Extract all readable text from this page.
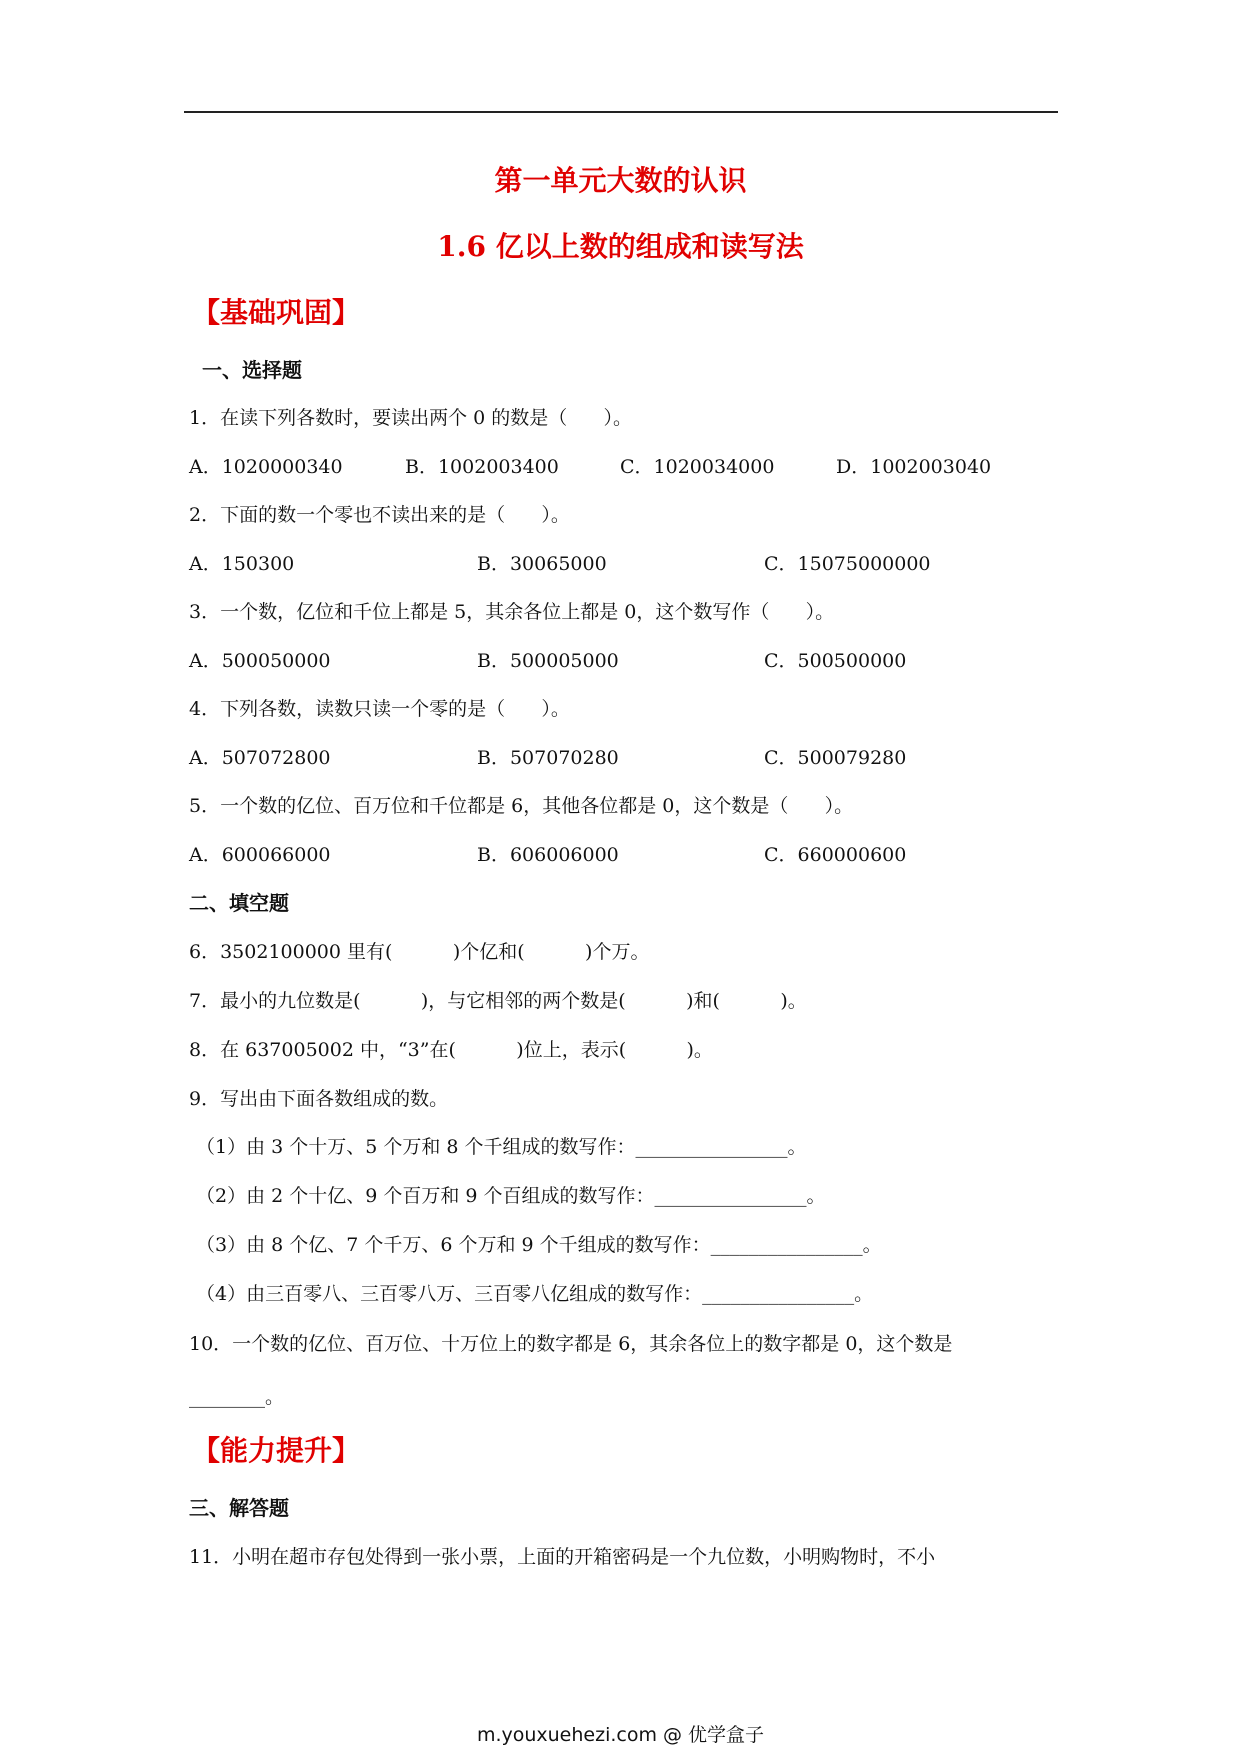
第一单元大数的认识
1.6 亿以上数的组成和读写法
【基础巩固】
一、选择题
1．在读下列各数时，要读出两个 0 的数是（      ）。
A．1020000340	B．1002003400	C．1020034000	D．1002003040
2．下面的数一个零也不读出来的是（      ）。
A．150300	B．30065000	C．15075000000
3．一个数，亿位和千位上都是 5，其余各位上都是 0，这个数写作（      ）。
A．500050000	B．500005000	C．500500000
4．下列各数，读数只读一个零的是（      ）。
A．507072800	B．507070280	C．500079280
5．一个数的亿位、百万位和千位都是 6，其他各位都是 0，这个数是（      ）。
A．600066000	B．606006000	C．660000600
二、填空题
6．3502100000 里有(          )个亿和(          )个万。
7．最小的九位数是(          )，与它相邻的两个数是(          )和(          )。
8．在 637005002 中，“3”在(          )位上，表示(          )。
9．写出由下面各数组成的数。
（1）由 3 个十万、5 个万和 8 个千组成的数写作：________________。
（2）由 2 个十亿、9 个百万和 9 个百组成的数写作：________________。
（3）由 8 个亿、7 个千万、6 个万和 9 个千组成的数写作：________________。
（4）由三百零八、三百零八万、三百零八亿组成的数写作：________________。
10．一个数的亿位、百万位、十万位上的数字都是 6，其余各位上的数字都是 0，这个数是
________。
【能力提升】
三、解答题
11．小明在超市存包处得到一张小票，上面的开箱密码是一个九位数，小明购物时，不小
m.youxuehezi.com @ 优学盒子
